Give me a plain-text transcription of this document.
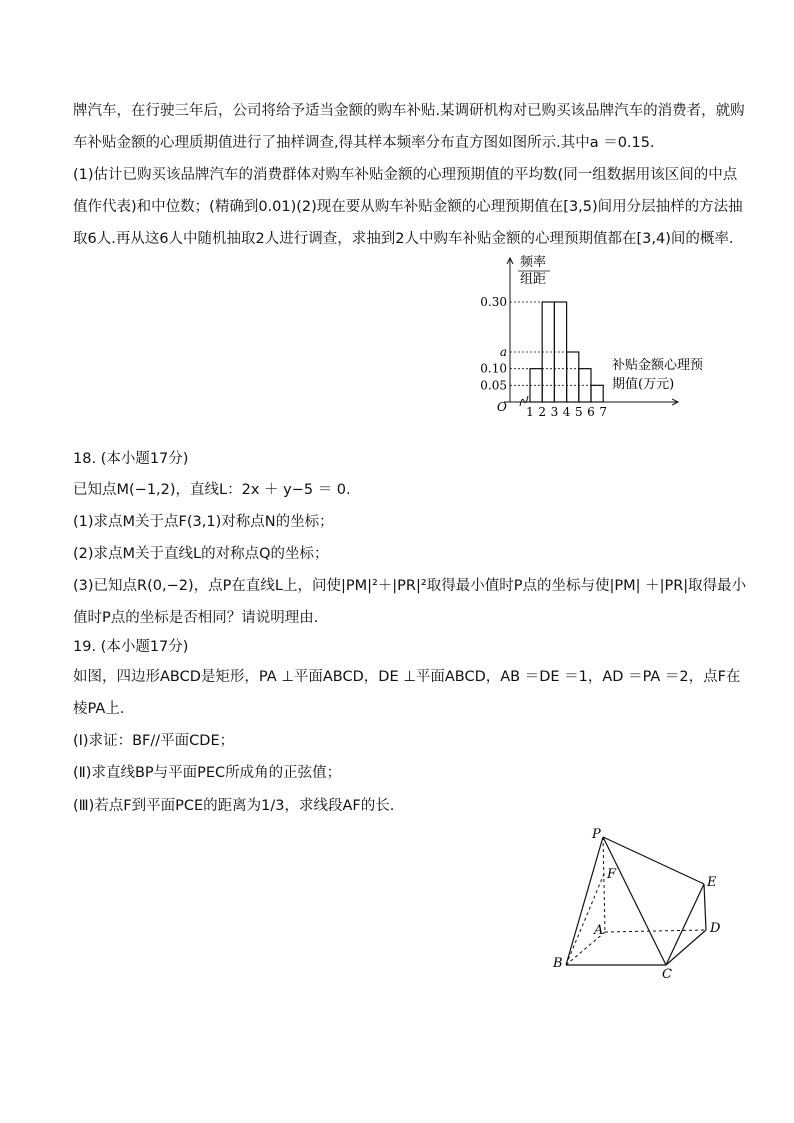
牌汽车，在行驶三年后，公司将给予适当金额的购车补贴.某调研机构对已购买该品牌汽车的消费者，就购
车补贴金额的心理质期值进行了抽样调查,得其样本频率分布直方图如图所示.其中a ＝0.15.
(1)估计已购买该品牌汽车的消费群体对购车补贴金额的心理预期值的平均数(同一组数据用该区间的中点
值作代表)和中位数；(精确到0.01)(2)现在要从购车补贴金额的心理预期值在[3,5)间用分层抽样的方法抽
取6人.再从这6人中随机抽取2人进行调查，求抽到2人中购车补贴金额的心理预期值都在[3,4)间的概率.
频率
组距
补贴金额心理预
期值(万元)
O 1 2 3 4 5 6 7
0.05
0.10
a
0.30
18. (本小题17分)
已知点M(−1,2)，直线L：2x ＋ y−5 ＝ 0.
(1)求点M关于点F(3,1)对称点N的坐标；
(2)求点M关于直线L的对称点Q的坐标；
(3)已知点R(0,−2)，点P在直线L上，问使|PM|²＋|PR|²取得最小值时P点的坐标与使|PM| ＋|PR|取得最小
值时P点的坐标是否相同？请说明理由.
19. (本小题17分)
如图，四边形ABCD是矩形，PA ⊥平面ABCD，DE ⊥平面ABCD，AB ＝DE ＝1，AD ＝PA ＝2，点F在
棱PA上.
(Ⅰ)求证：BF//平面CDE；
(Ⅱ)求直线BP与平面PEC所成角的正弦值；
(Ⅲ)若点F到平面PCE的距离为1/3，求线段AF的长.
P
F
E
A	D
B
C
